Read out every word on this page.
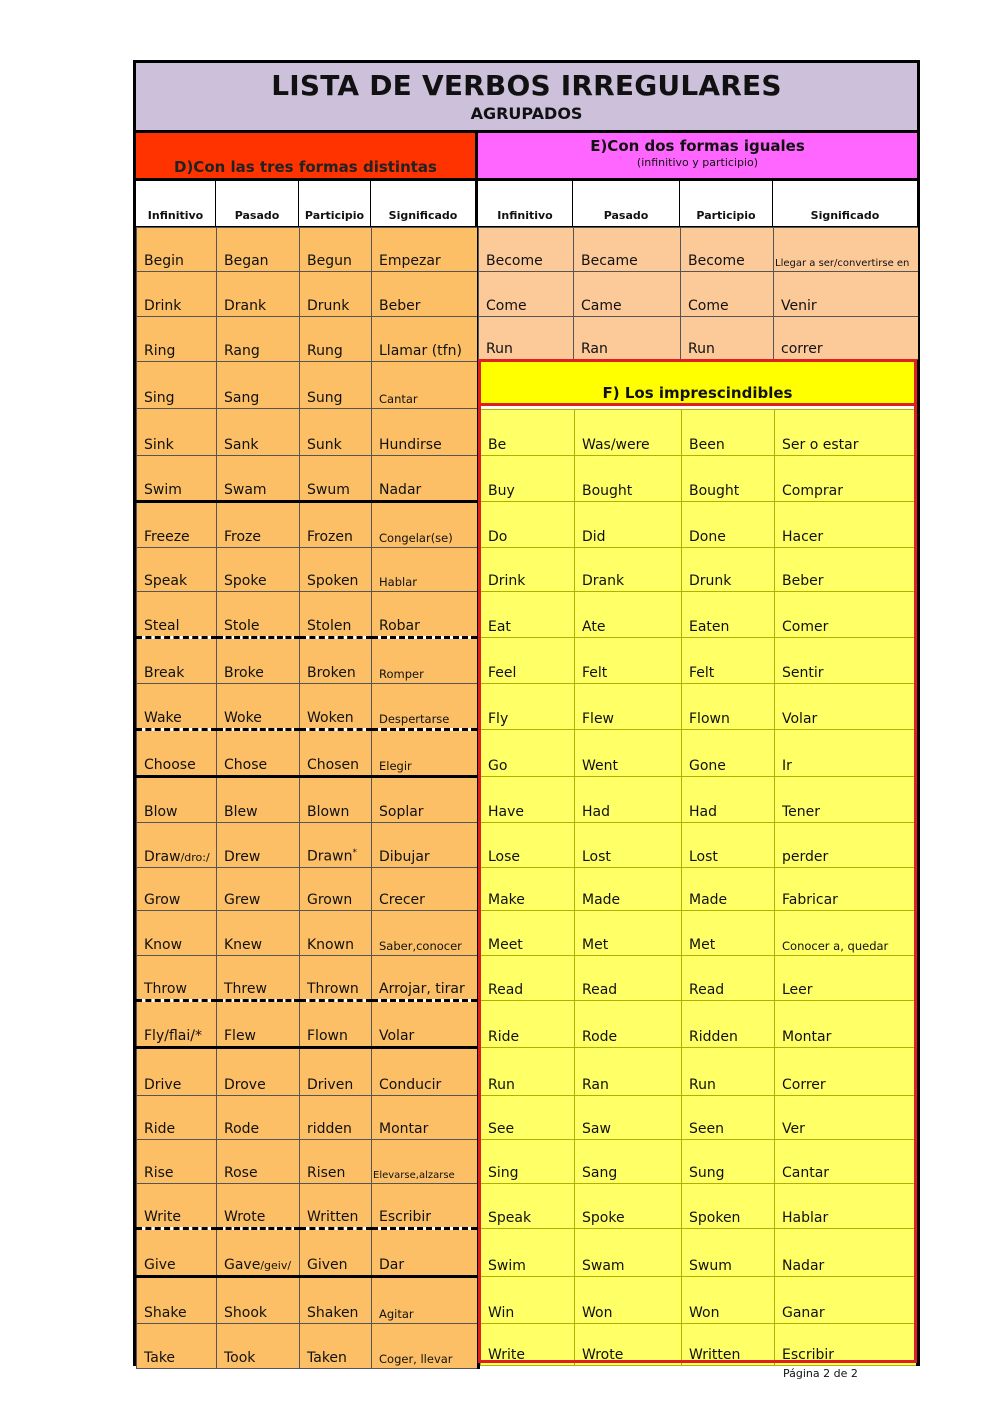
LISTA DE VERBOS IRREGULARES
AGRUPADOS
D)Con las tres formas distintas
E)Con dos formas iguales
(infinitivo y participio)
Infinitivo	Pasado	Participio	Significado	Infinitivo	Pasado	Participio	Significado
Begin	Began	Begun	Empezar
Drink	Drank	Drunk	Beber
Ring	Rang	Rung	Llamar (tfn)
Sing	Sang	Sung	Cantar
Sink	Sank	Sunk	Hundirse
Swim	Swam	Swum	Nadar
Freeze	Froze	Frozen	Congelar(se)
Speak	Spoke	Spoken	Hablar
Steal	Stole	Stolen	Robar
Break	Broke	Broken	Romper
Wake	Woke	Woken	Despertarse
Choose	Chose	Chosen	Elegir
Blow	Blew	Blown	Soplar
Draw/dro:/	Drew	Drawn*	Dibujar
Grow	Grew	Grown	Crecer
Know	Knew	Known	Saber,conocer
Throw	Threw	Thrown	Arrojar, tirar
Fly/flai/*	Flew	Flown	Volar
Drive	Drove	Driven	Conducir
Ride	Rode	ridden	Montar
Rise	Rose	Risen	Elevarse,alzarse
Write	Wrote	Written	Escribir
Give	Gave/geiv/	Given	Dar
Shake	Shook	Shaken	Agitar
Take	Took	Taken	Coger, llevar
Become	Became	Become	Llegar a ser/convertirse en
Come	Came	Come	Venir
Run	Ran	Run	correr
F) Los imprescindibles
Be	Was/were	Been	Ser o estar
Buy	Bought	Bought	Comprar
Do	Did	Done	Hacer
Drink	Drank	Drunk	Beber
Eat	Ate	Eaten	Comer
Feel	Felt	Felt	Sentir
Fly	Flew	Flown	Volar
Go	Went	Gone	Ir
Have	Had	Had	Tener
Lose	Lost	Lost	perder
Make	Made	Made	Fabricar
Meet	Met	Met	Conocer a, quedar
Read	Read	Read	Leer
Ride	Rode	Ridden	Montar
Run	Ran	Run	Correr
See	Saw	Seen	Ver
Sing	Sang	Sung	Cantar
Speak	Spoke	Spoken	Hablar
Swim	Swam	Swum	Nadar
Win	Won	Won	Ganar
Write	Wrote	Written	Escribir
Página 2 de 2
